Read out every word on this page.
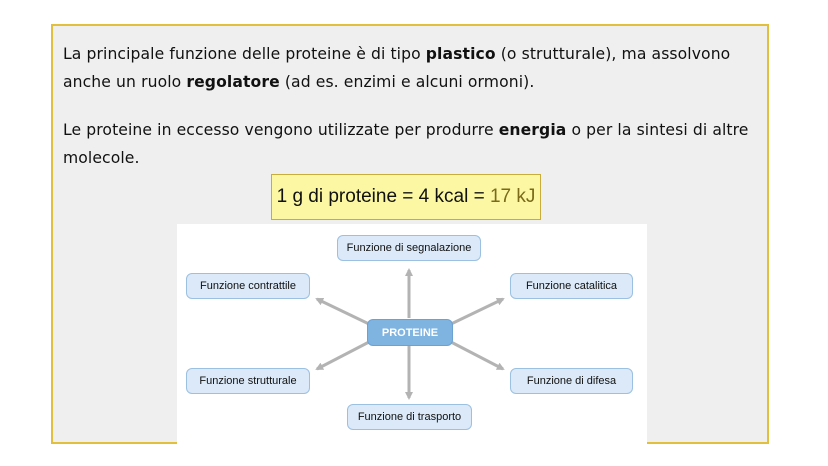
La principale funzione delle proteine è di tipo plastico (o strutturale), ma assolvono anche un ruolo regolatore (ad es. enzimi e alcuni ormoni).

Le proteine in eccesso vengono utilizzate per produrre energia o per la sintesi di altre molecole.

1 g di proteine = 4 kcal = 17 kJ
Funzione di segnalazione
Funzione contrattile	Funzione catalitica
PROTEINE
Funzione strutturale	Funzione di difesa
Funzione di trasporto
